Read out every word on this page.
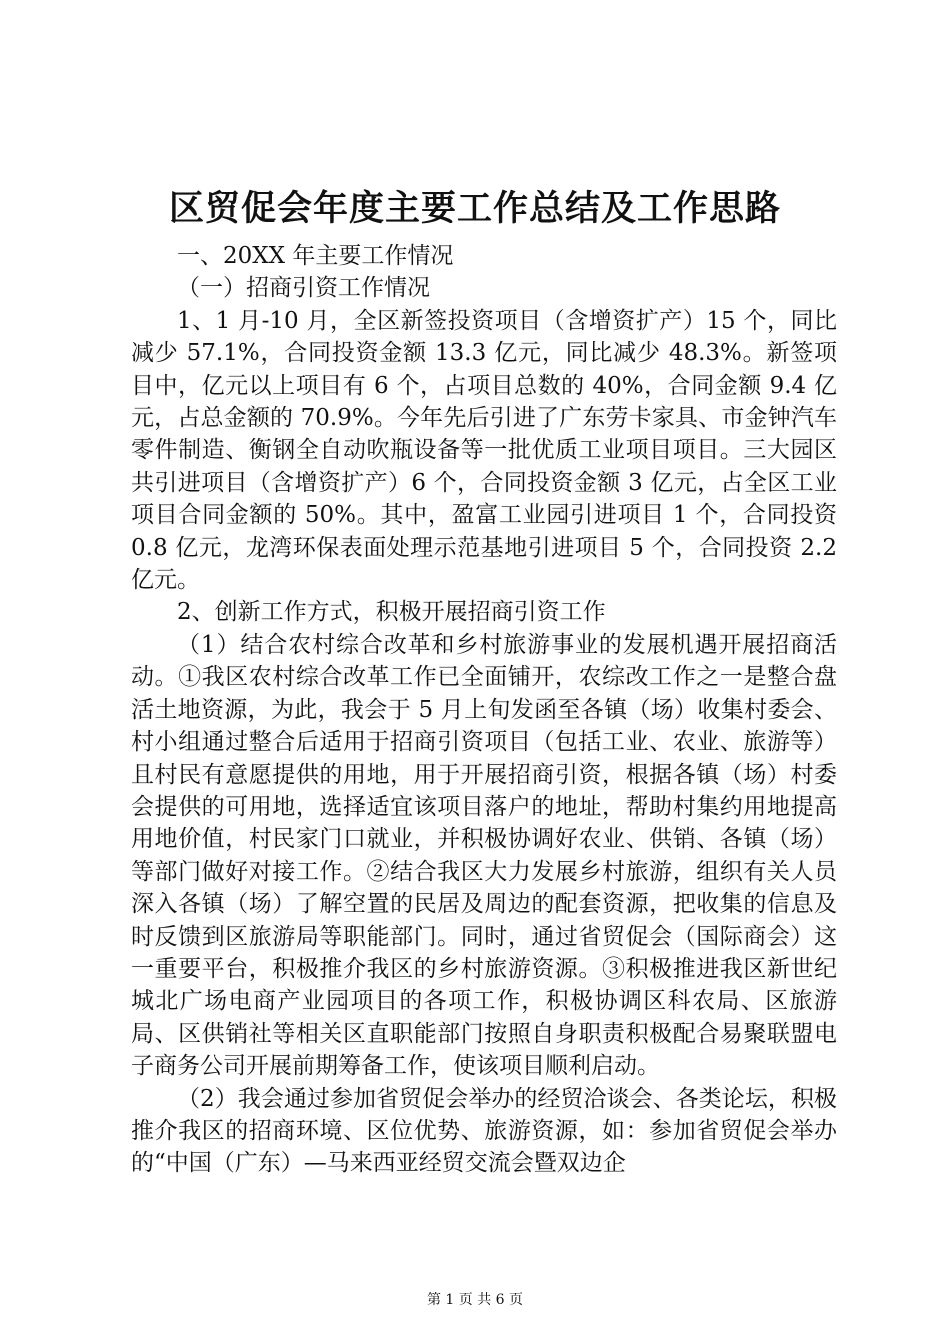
区贸促会年度主要工作总结及工作思路

一、20XX 年主要工作情况

（一）招商引资工作情况

1、1 月-10 月，全区新签投资项目（含增资扩产）15 个，同比减少 57.1%，合同投资金额 13.3 亿元，同比减少 48.3%。新签项目中，亿元以上项目有 6 个，占项目总数的 40%，合同金额 9.4 亿元，占总金额的 70.9%。今年先后引进了广东劳卡家具、市金钟汽车零件制造、衡钢全自动吹瓶设备等一批优质工业项目项目。三大园区共引进项目（含增资扩产）6 个，合同投资金额 3 亿元，占全区工业项目合同金额的 50%。其中，盈富工业园引进项目 1 个，合同投资 0.8 亿元，龙湾环保表面处理示范基地引进项目 5 个，合同投资 2.2 亿元。

2、创新工作方式，积极开展招商引资工作

（1）结合农村综合改革和乡村旅游事业的发展机遇开展招商活动。①我区农村综合改革工作已全面铺开，农综改工作之一是整合盘活土地资源，为此，我会于 5 月上旬发函至各镇（场）收集村委会、村小组通过整合后适用于招商引资项目（包括工业、农业、旅游等）且村民有意愿提供的用地，用于开展招商引资，根据各镇（场）村委会提供的可用地，选择适宜该项目落户的地址，帮助村集约用地提高用地价值，村民家门口就业，并积极协调好农业、供销、各镇（场）等部门做好对接工作。②结合我区大力发展乡村旅游，组织有关人员深入各镇（场）了解空置的民居及周边的配套资源，把收集的信息及时反馈到区旅游局等职能部门。同时，通过省贸促会（国际商会）这一重要平台，积极推介我区的乡村旅游资源。③积极推进我区新世纪城北广场电商产业园项目的各项工作，积极协调区科农局、区旅游局、区供销社等相关区直职能部门按照自身职责积极配合易聚联盟电子商务公司开展前期筹备工作，使该项目顺利启动。

（2）我会通过参加省贸促会举办的经贸洽谈会、各类论坛，积极推介我区的招商环境、区位优势、旅游资源，如：参加省贸促会举办的“中国（广东）—马来西亚经贸交流会暨双边企

第 1 页 共 6 页
